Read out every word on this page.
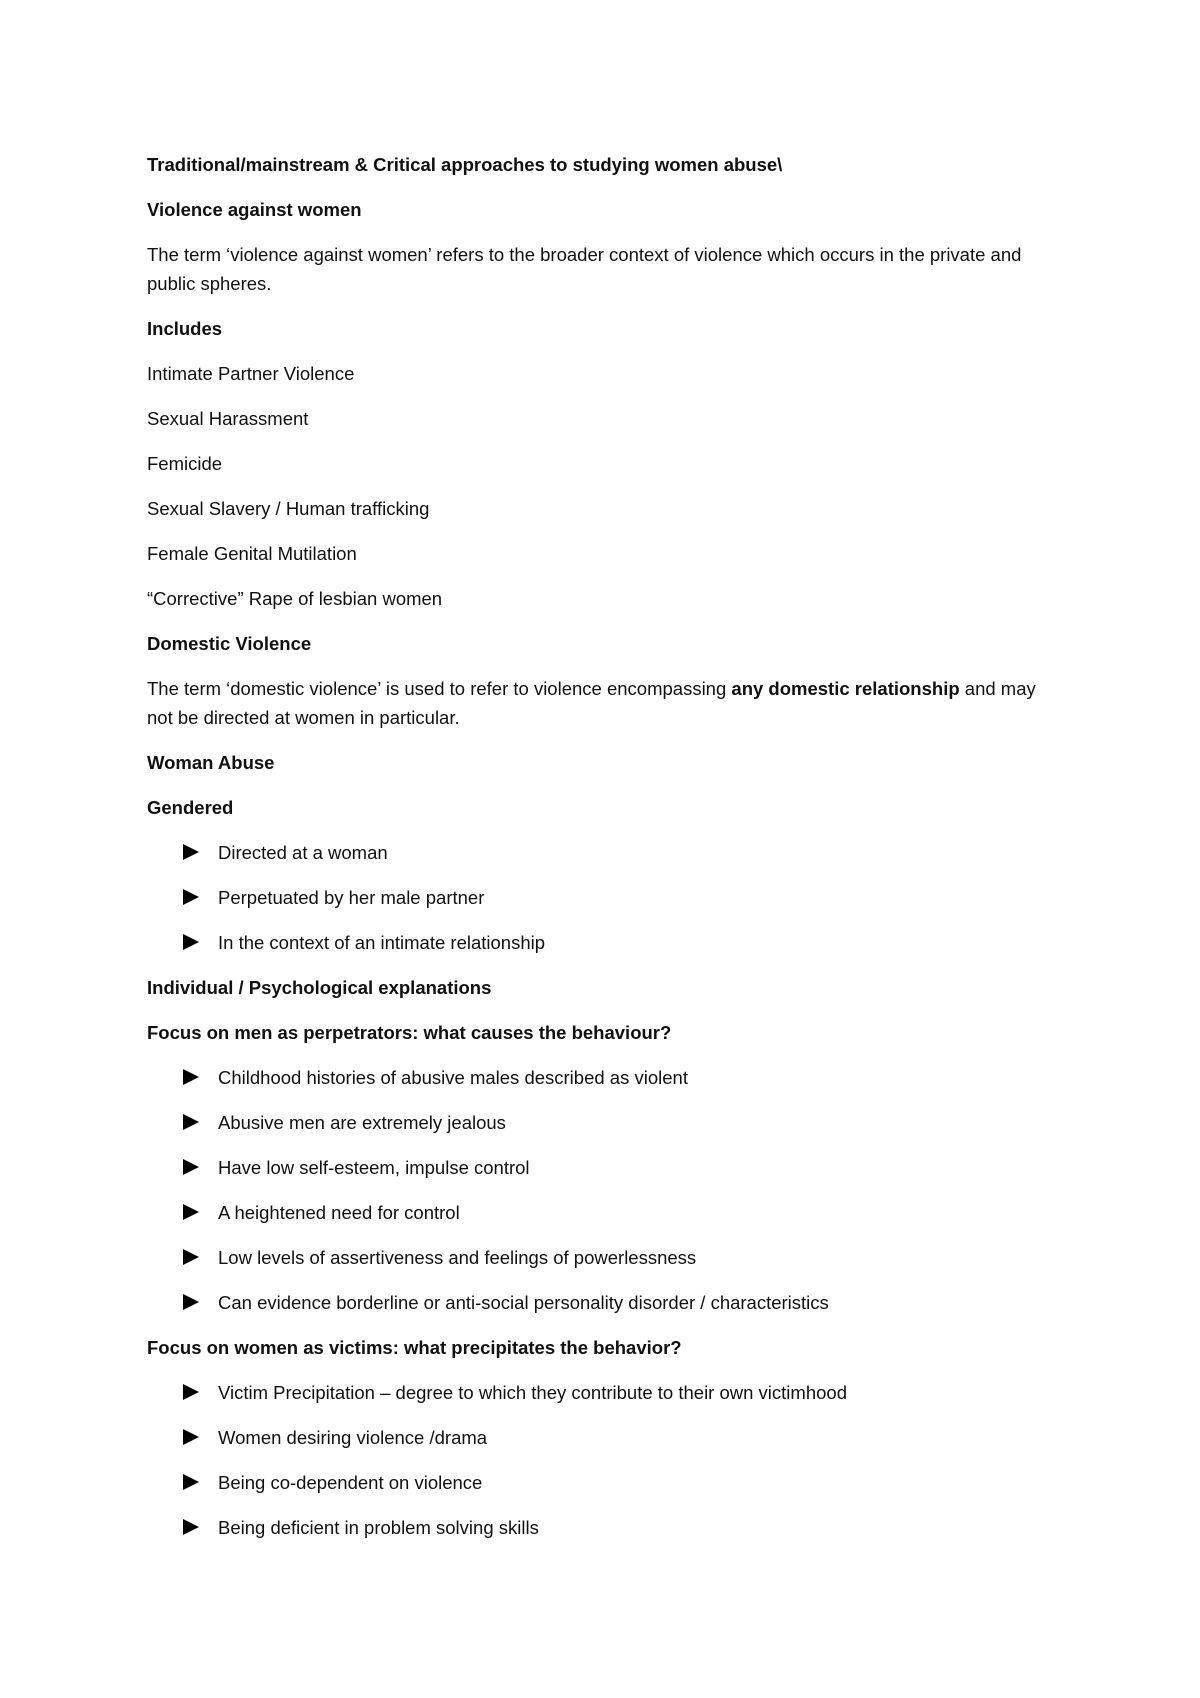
Traditional/mainstream & Critical approaches to studying women abuse\

Violence against women

The term ‘violence against women’ refers to the broader context of violence which occurs in the private and public spheres.

Includes

Intimate Partner Violence

Sexual Harassment

Femicide

Sexual Slavery / Human trafficking

Female Genital Mutilation

“Corrective” Rape of lesbian women

Domestic Violence

The term ‘domestic violence’ is used to refer to violence encompassing any domestic relationship and may not be directed at women in particular.

Woman Abuse

Gendered

Directed at a woman
Perpetuated by her male partner
In the context of an intimate relationship

Individual / Psychological explanations

Focus on men as perpetrators: what causes the behaviour?

Childhood histories of abusive males described as violent
Abusive men are extremely jealous
Have low self-esteem, impulse control
A heightened need for control
Low levels of assertiveness and feelings of powerlessness
Can evidence borderline or anti-social personality disorder / characteristics

Focus on women as victims: what precipitates the behavior?

Victim Precipitation – degree to which they contribute to their own victimhood
Women desiring violence /drama
Being co-dependent on violence
Being deficient in problem solving skills
